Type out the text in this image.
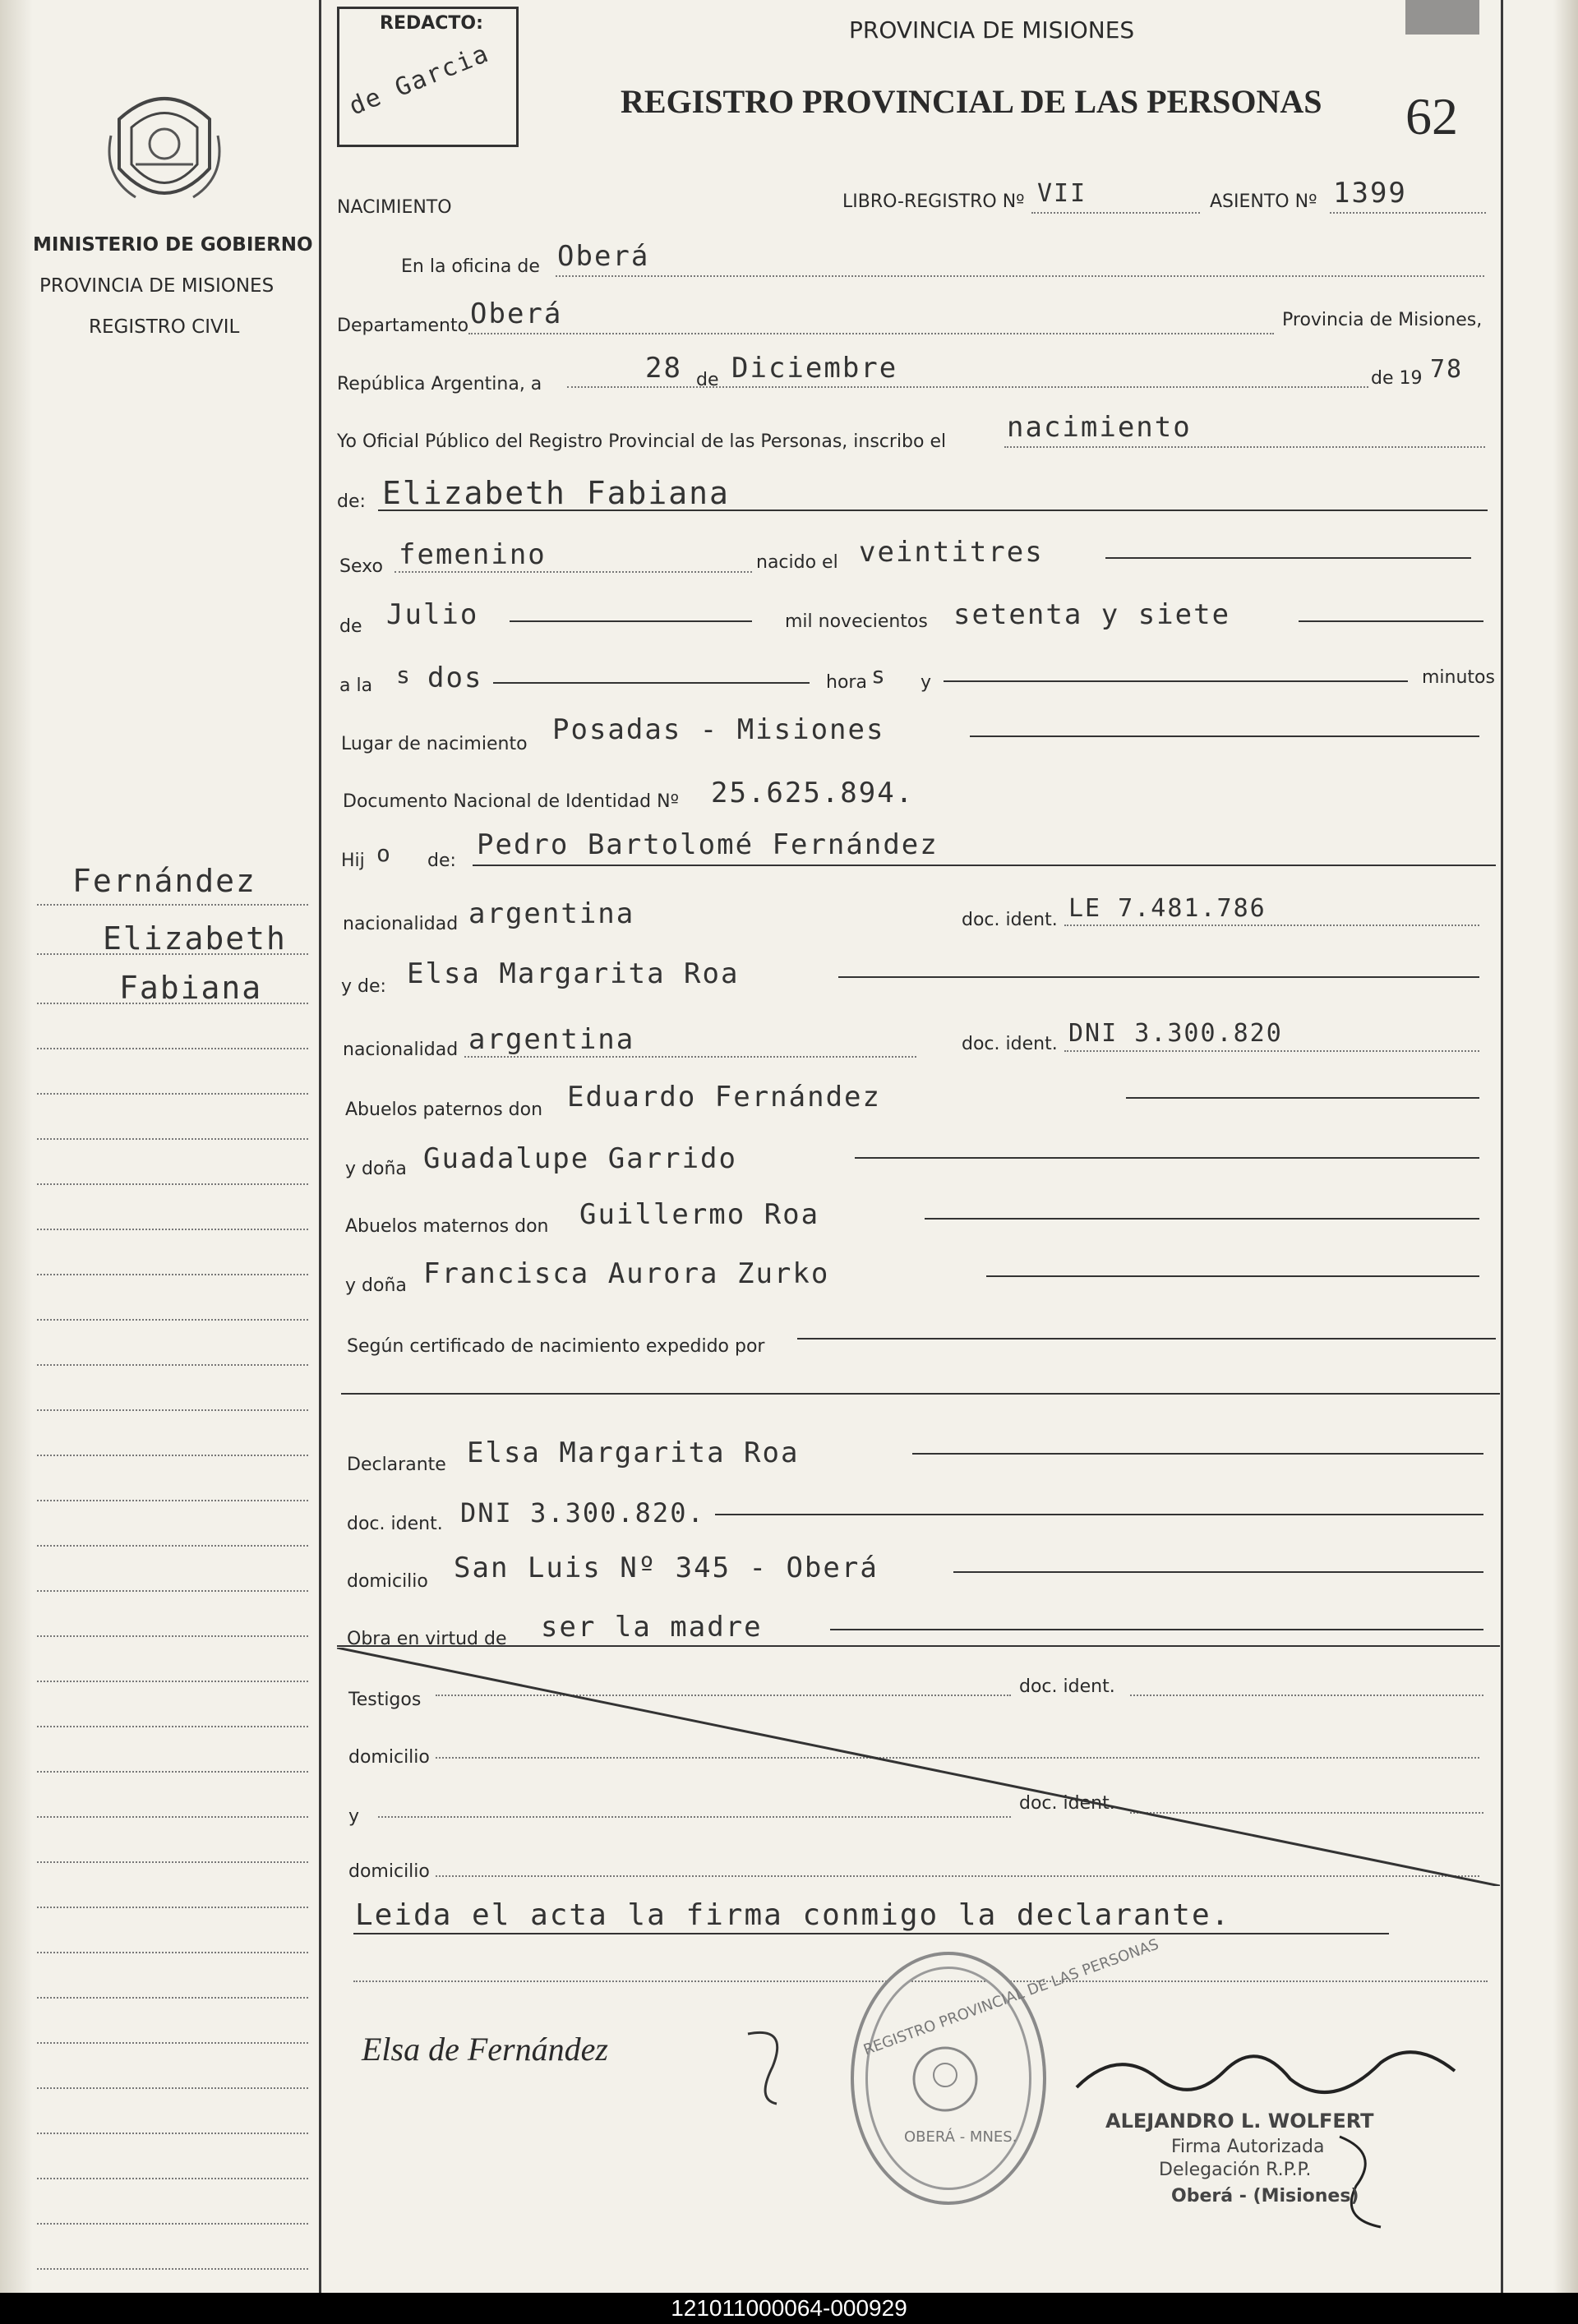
MINISTERIO DE GOBIERNO
PROVINCIA DE MISIONES
REGISTRO CIVIL
Fernández
Elizabeth
Fabiana
REDACTO:
de Garcia
PROVINCIA DE MISIONES
REGISTRO PROVINCIAL DE LAS PERSONAS 62
NACIMIENTO	LIBRO-REGISTRO Nº VII	ASIENTO Nº 1399
En la oficina de Oberá
Departamento Oberá	Provincia de Misiones,
República Argentina, a	28 de Diciembre	de 19 78
Yo Oficial Público del Registro Provincial de las Personas, inscribo el nacimiento
de: Elizabeth Fabiana
Sexo femenino	nacido el veintitres
de Julio	mil novecientos setenta y siete
a la s dos	hora s y	minutos
Lugar de nacimiento Posadas - Misiones
Documento Nacional de Identidad Nº 25.625.894.
Hij o de: Pedro Bartolomé Fernández
nacionalidad argentina	doc. ident. LE 7.481.786
y de: Elsa Margarita Roa
nacionalidad argentina	doc. ident. DNI 3.300.820
Abuelos paternos don Eduardo Fernández
y doña Guadalupe Garrido
Abuelos maternos don Guillermo Roa
y doña Francisca Aurora Zurko
Según certificado de nacimiento expedido por
Declarante Elsa Margarita Roa
doc. ident. DNI 3.300.820.
domicilio San Luis Nº 345 - Oberá
Obra en virtud de ser la madre
Testigos
doc. ident.
domicilio
y
doc. ident.
domicilio
Leida el acta la firma conmigo la declarante.
Elsa de Fernández	REGISTRO PROVINCIAL DE LAS PERSONAS
OBERÁ - MNES.
ALEJANDRO L. WOLFERT
Firma Autorizada
Delegación R.P.P.
Oberá - (Misiones)
121011000064-000929
